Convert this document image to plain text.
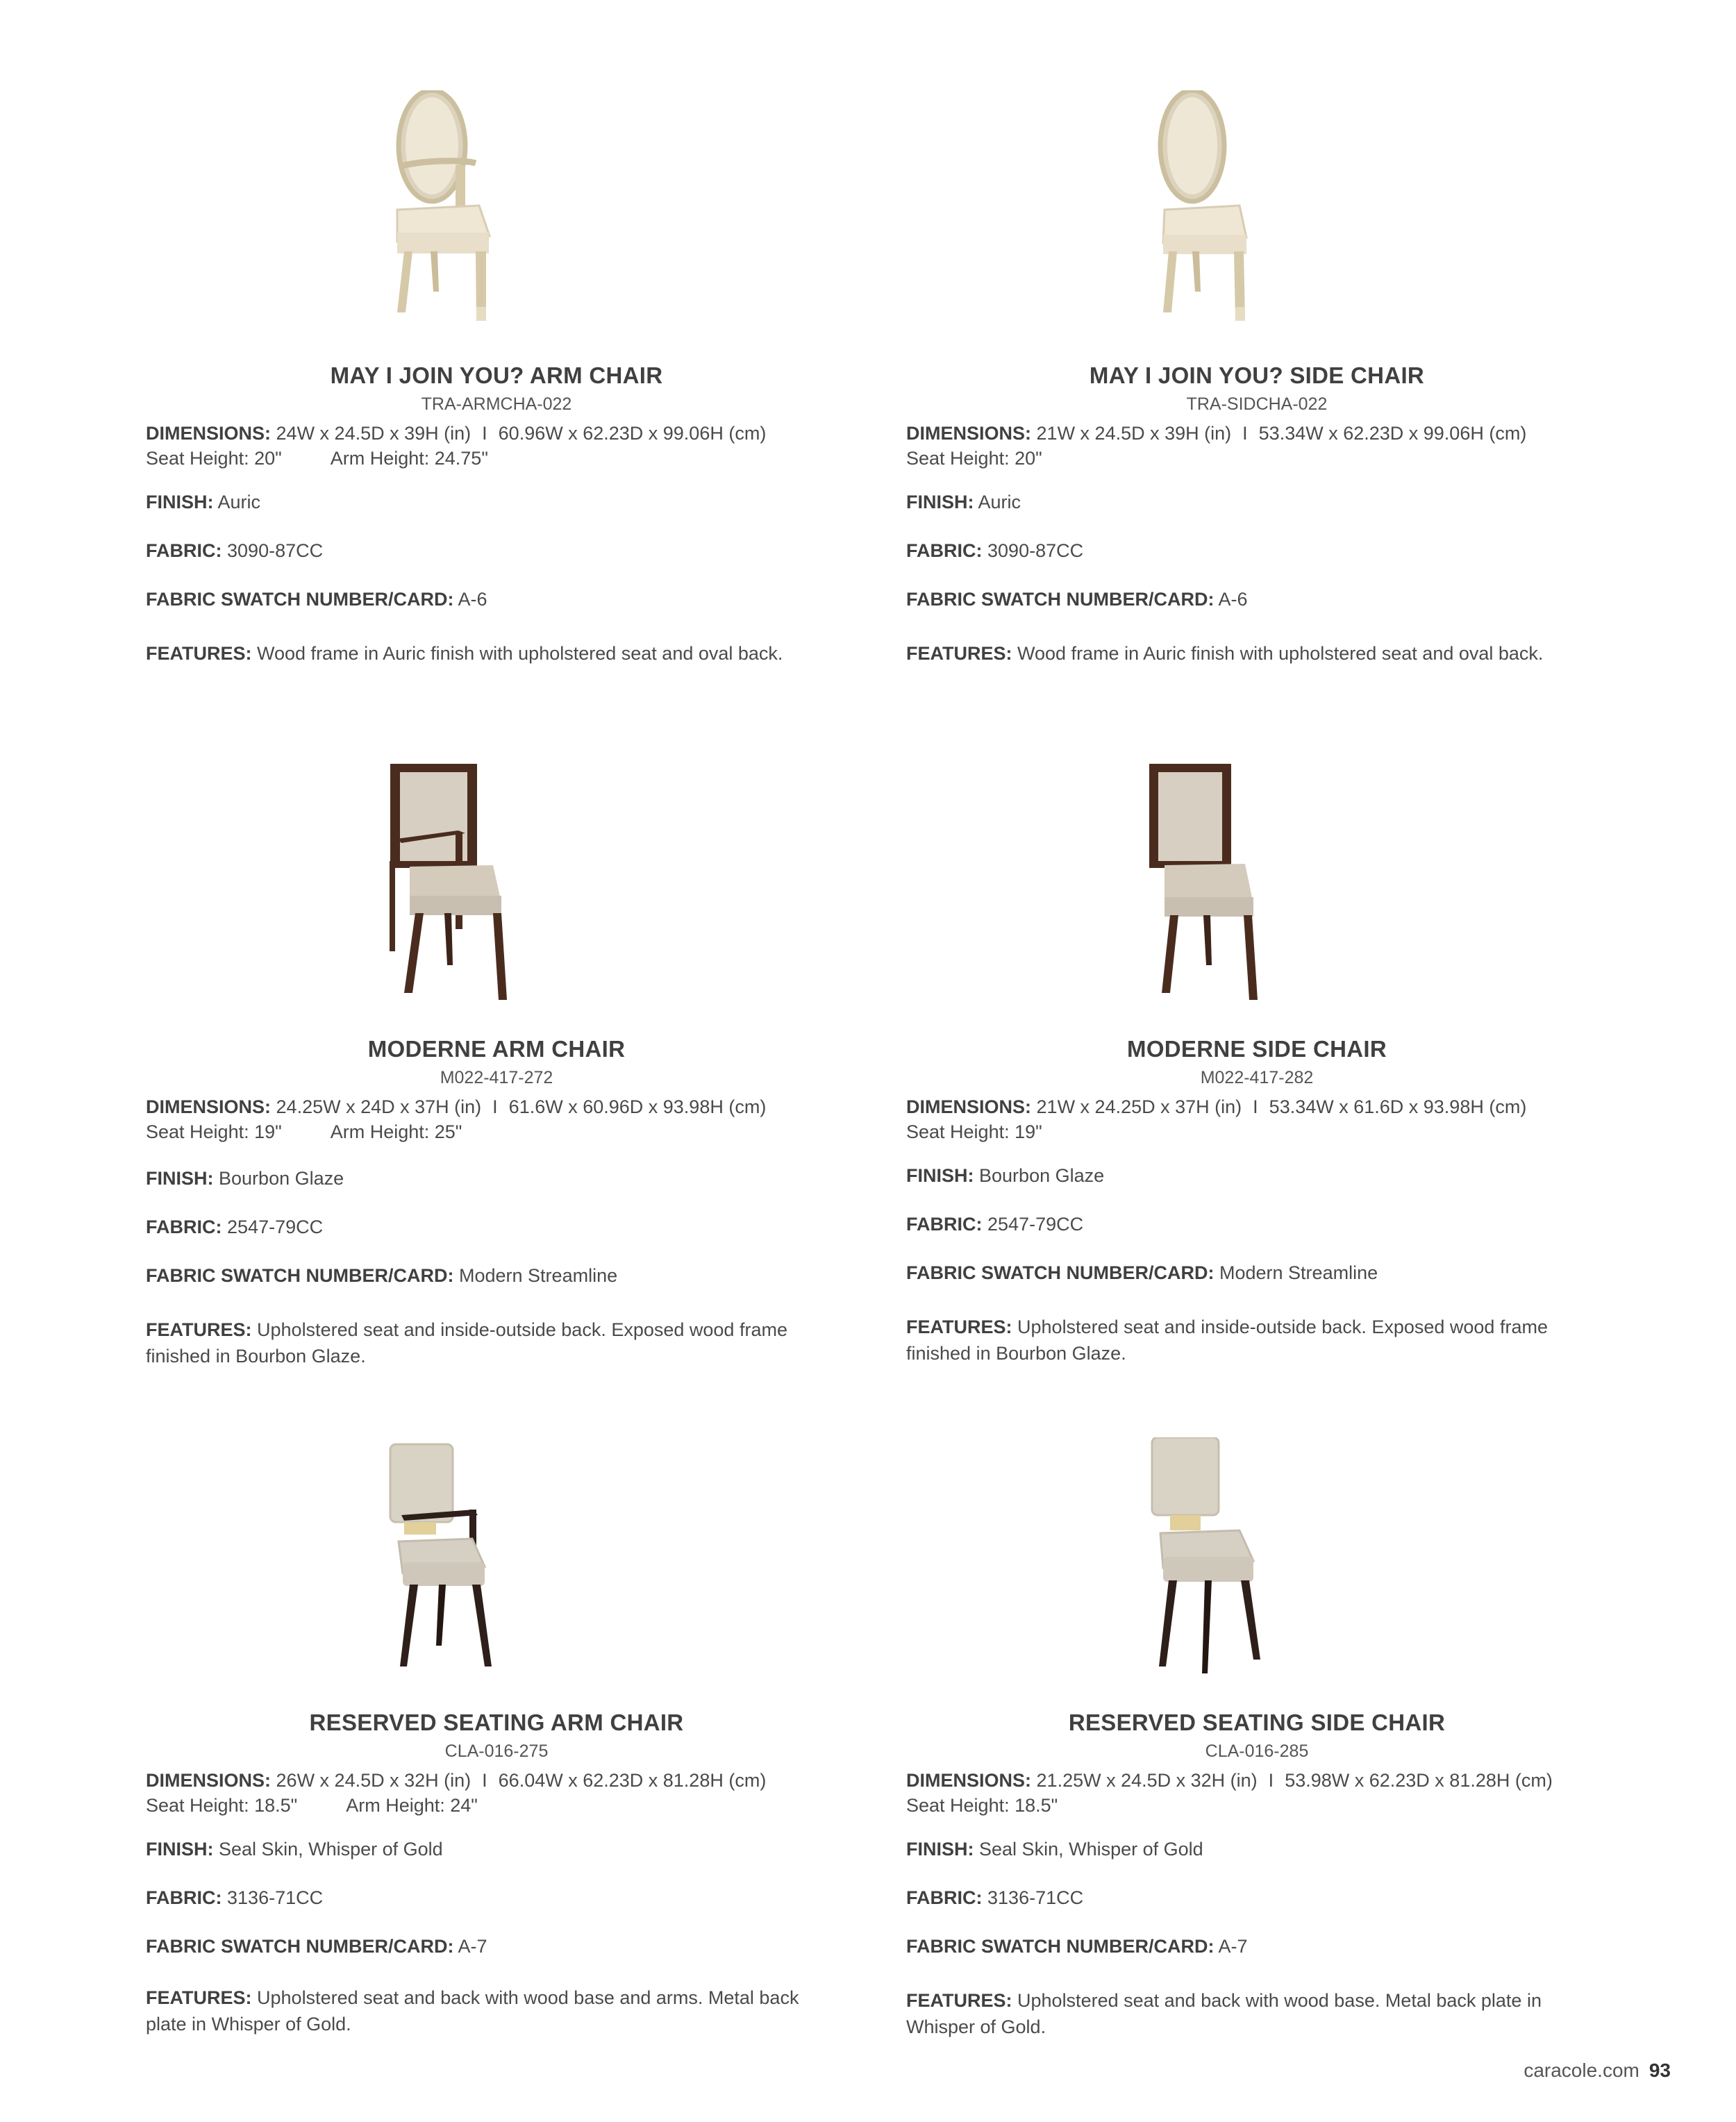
MAY I JOIN YOU? ARM CHAIR
TRA-ARMCHA-022
DIMENSIONS: 24W x 24.5D x 39H (in) I 60.96W x 62.23D x 99.06H (cm)
Seat Height: 20"	Arm Height: 24.75"
FINISH: Auric
FABRIC: 3090-87CC
FABRIC SWATCH NUMBER/CARD: A-6
FEATURES: Wood frame in Auric finish with upholstered seat and oval back.
MAY I JOIN YOU? SIDE CHAIR
TRA-SIDCHA-022
DIMENSIONS: 21W x 24.5D x 39H (in) I 53.34W x 62.23D x 99.06H (cm)
Seat Height: 20"
FINISH: Auric
FABRIC: 3090-87CC
FABRIC SWATCH NUMBER/CARD: A-6
FEATURES: Wood frame in Auric finish with upholstered seat and oval back.
MODERNE ARM CHAIR
M022-417-272
DIMENSIONS: 24.25W x 24D x 37H (in) I 61.6W x 60.96D x 93.98H (cm)
Seat Height: 19"	Arm Height: 25"
FINISH: Bourbon Glaze
FABRIC: 2547-79CC
FABRIC SWATCH NUMBER/CARD: Modern Streamline
FEATURES: Upholstered seat and inside-outside back. Exposed wood frame finished in Bourbon Glaze.
MODERNE SIDE CHAIR
M022-417-282
DIMENSIONS: 21W x 24.25D x 37H (in) I 53.34W x 61.6D x 93.98H (cm)
Seat Height: 19"
FINISH: Bourbon Glaze
FABRIC: 2547-79CC
FABRIC SWATCH NUMBER/CARD: Modern Streamline
FEATURES: Upholstered seat and inside-outside back. Exposed wood frame finished in Bourbon Glaze.
RESERVED SEATING ARM CHAIR
CLA-016-275
DIMENSIONS: 26W x 24.5D x 32H (in) I 66.04W x 62.23D x 81.28H (cm)
Seat Height: 18.5"	Arm Height: 24"
FINISH: Seal Skin, Whisper of Gold
FABRIC: 3136-71CC
FABRIC SWATCH NUMBER/CARD: A-7
FEATURES: Upholstered seat and back with wood base and arms. Metal back plate in Whisper of Gold.
RESERVED SEATING SIDE CHAIR
CLA-016-285
DIMENSIONS: 21.25W x 24.5D x 32H (in) I 53.98W x 62.23D x 81.28H (cm)
Seat Height: 18.5"
FINISH: Seal Skin, Whisper of Gold
FABRIC: 3136-71CC
FABRIC SWATCH NUMBER/CARD: A-7
FEATURES: Upholstered seat and back with wood base. Metal back plate in Whisper of Gold.
caracole.com 93
